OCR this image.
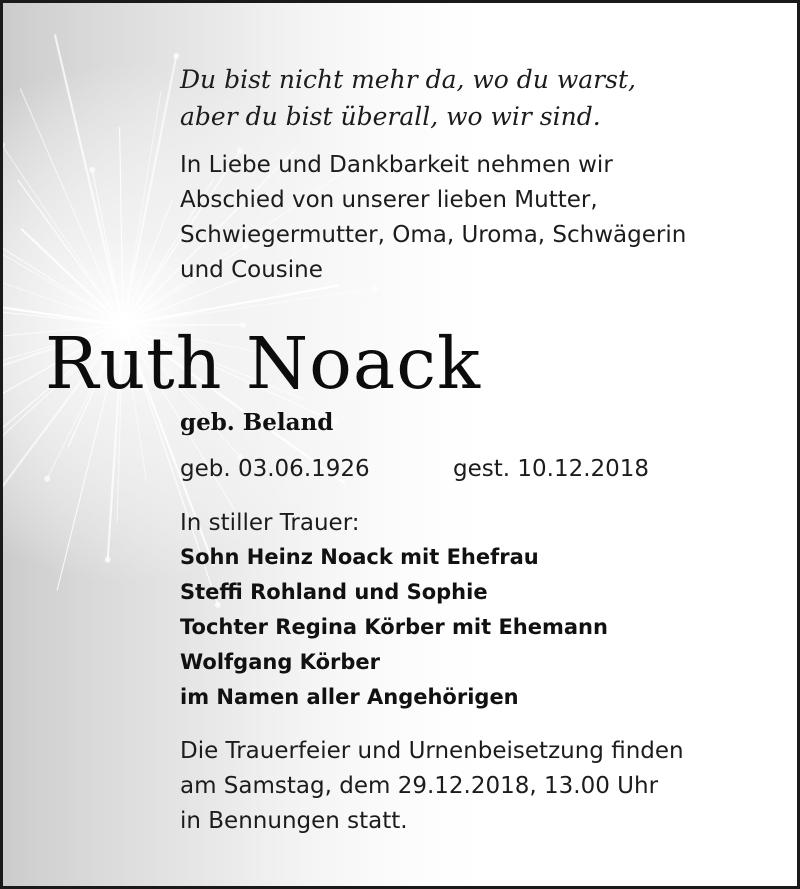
Du bist nicht mehr da, wo du warst,
aber du bist überall, wo wir sind.
In Liebe und Dankbarkeit nehmen wir
Abschied von unserer lieben Mutter,
Schwiegermutter, Oma, Uroma, Schwägerin
und Cousine
Ruth Noack
geb. Beland
geb. 03.06.1926	gest. 10.12.2018
In stiller Trauer:
Sohn Heinz Noack mit Ehefrau
Steffi Rohland und Sophie
Tochter Regina Körber mit Ehemann
Wolfgang Körber
im Namen aller Angehörigen
Die Trauerfeier und Urnenbeisetzung finden
am Samstag, dem 29.12.2018, 13.00 Uhr
in Bennungen statt.
